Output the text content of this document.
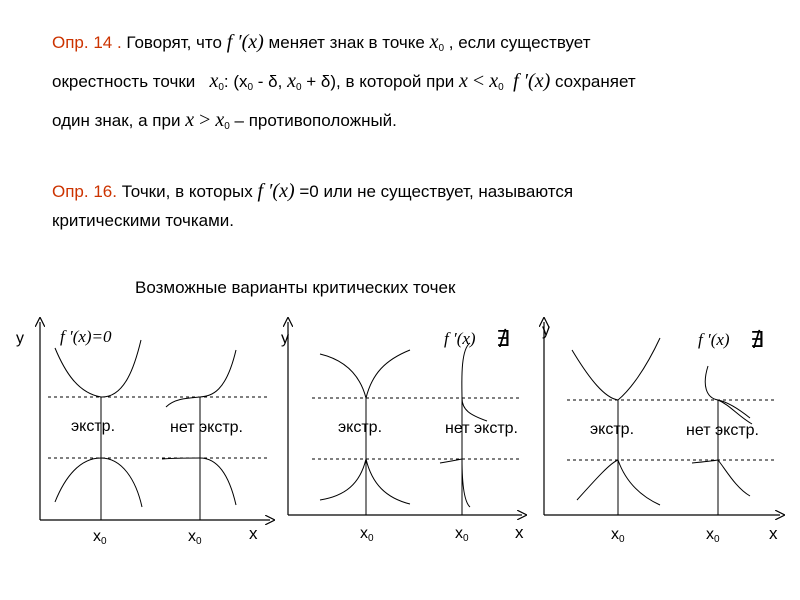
Опр. 14 . Говорят, что f ′(x) меняет знак в точке $x_0$ , если существует
окрестность точки   $x_0$: ($x_0$ - δ, $x_0 + \delta$), в которой при $x < x_0$ f ′(x) сохраняет
один знак, а при $x > x_0$ – противоположный.
Опр. 16. Точки, в которых f ′(x) =0 или не существует, называются
критическими точками.
Возможные варианты критических точек
у
х
f ′(x)=0
экстр.	нет экстр.
х0	х0
у
х
f ′(x) ∄
экстр.	нет экстр.
х0	х0
у
х
f ′(x) ∄
экстр.	нет экстр.
х0	х0
